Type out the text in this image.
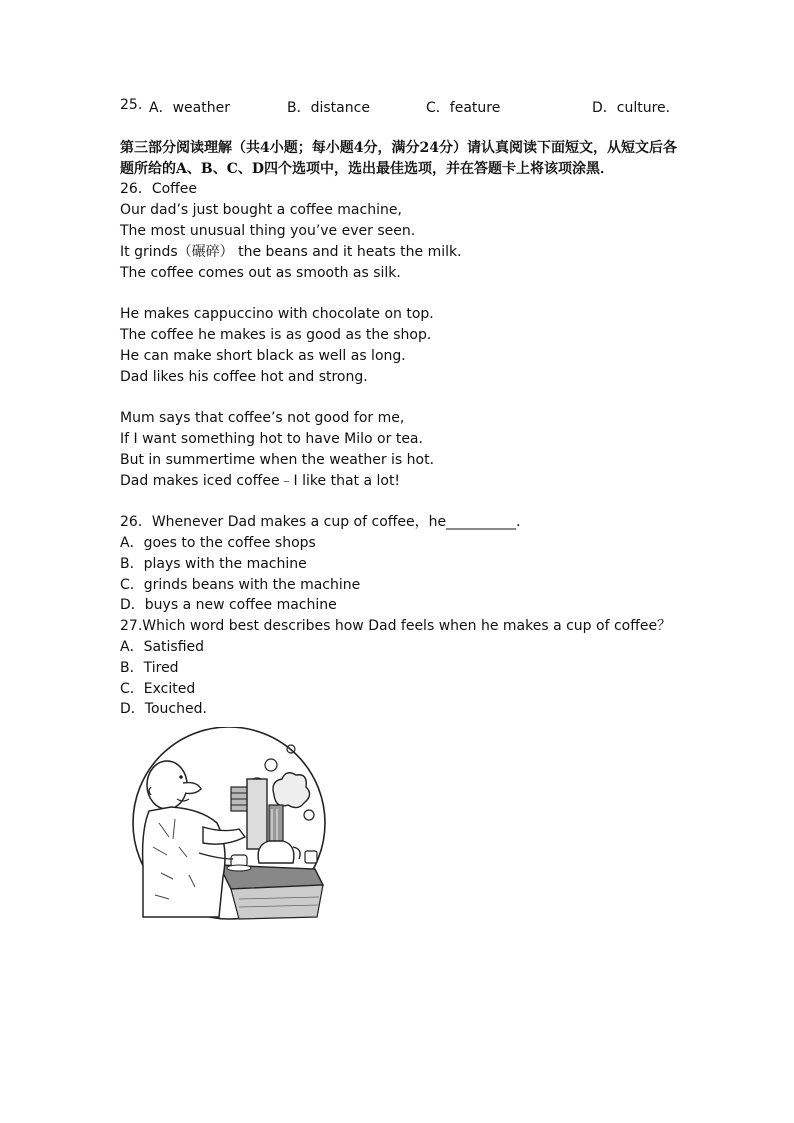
25. A．weather	B．distance	C．feature	D．culture．
第三部分阅读理解（共4小题；每小题4分，满分24分）请认真阅读下面短文，从短文后各题所给的A、B、C、D四个选项中，选出最佳选项，并在答题卡上将该项涂黑．
26．Coffee
Our dad’s just bought a coffee machine,
The most unusual thing you’ve ever seen.
It grinds（碾碎） the beans and it heats the milk．
The coffee comes out as smooth as silk．
He makes cappuccino with chocolate on top．
The coffee he makes is as good as the shop．
He can make short black as well as long．
Dad likes his coffee hot and strong．
Mum says that coffee’s not good for me,
If I want something hot to have Milo or tea．
But in summertime when the weather is hot．
Dad makes iced coffee﹣I like that a lot!
26．Whenever Dad makes a cup of coffee，he__________．
A．goes to the coffee shops
B．plays with the machine
C．grinds beans with the machine
D．buys a new coffee machine
27.Which word best describes how Dad feels when he makes a cup of coffee？
A．Satisfied
B．Tired
C．Excited
D．Touched．
